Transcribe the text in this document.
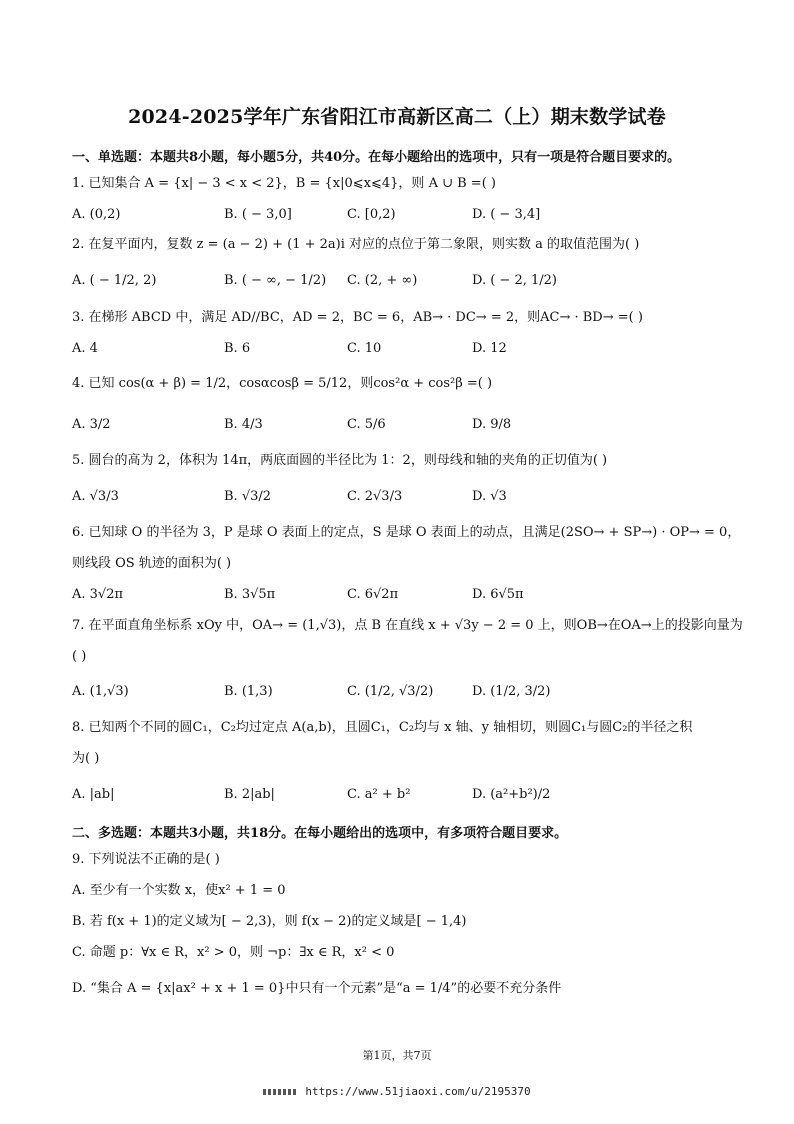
2024-2025学年广东省阳江市高新区高二（上）期末数学试卷
一、单选题：本题共8小题，每小题5分，共40分。在每小题给出的选项中，只有一项是符合题目要求的。
1. 已知集合 A = {x| − 3 < x < 2}，B = {x|0⩽x⩽4}，则 A ∪ B =( )
A. (0,2)	B. ( − 3,0]	C. [0,2)	D. ( − 3,4]
2. 在复平面内，复数 z = (a − 2) + (1 + 2a)i 对应的点位于第二象限，则实数 a 的取值范围为( )
A. ( − 1/2, 2)	B. ( − ∞, − 1/2) C. (2, + ∞)	D. ( − 2, 1/2)
3. 在梯形 ABCD 中，满足 AD//BC，AD = 2，BC = 6，AB→ · DC→ = 2，则AC→ · BD→ =( )
A. 4	B. 6	C. 10	D. 12
4. 已知 cos(α + β) = 1/2，cosαcosβ = 5/12，则cos²α + cos²β =( )
A. 3/2	B. 4/3	C. 5/6	D. 9/8
5. 圆台的高为 2，体积为 14π，两底面圆的半径比为 1：2，则母线和轴的夹角的正切值为( )
A. √3/3	B. √3/2	C. 2√3/3	D. √3
6. 已知球 O 的半径为 3，P 是球 O 表面上的定点，S 是球 O 表面上的动点，且满足(2SO→ + SP→) · OP→ = 0，
则线段 OS 轨迹的面积为( )
A. 3√2π	B. 3√5π	C. 6√2π	D. 6√5π
7. 在平面直角坐标系 xOy 中，OA→ = (1,√3)，点 B 在直线 x + √3y − 2 = 0 上，则OB→在OA→上的投影向量为
( )
A. (1,√3)	B. (1,3)	C. (1/2, √3/2)	D. (1/2, 3/2)
8. 已知两个不同的圆C₁，C₂均过定点 A(a,b)，且圆C₁，C₂均与 x 轴、y 轴相切，则圆C₁与圆C₂的半径之积
为( )
A. |ab|	B. 2|ab|	C. a² + b²	D. (a²+b²)/2
二、多选题：本题共3小题，共18分。在每小题给出的选项中，有多项符合题目要求。
9. 下列说法不正确的是( )
A. 至少有一个实数 x，使x² + 1 = 0
B. 若 f(x + 1)的定义域为[ − 2,3)，则 f(x − 2)的定义域是[ − 1,4)
C. 命题 p：∀x ∈ R，x² > 0，则 ¬p：∃x ∈ R，x² < 0
D. “集合 A = {x|ax² + x + 1 = 0}中只有一个元素”是“a = 1/4”的必要不充分条件
第1页，共7页
https://www.51jiaoxi.com/u/2195370
